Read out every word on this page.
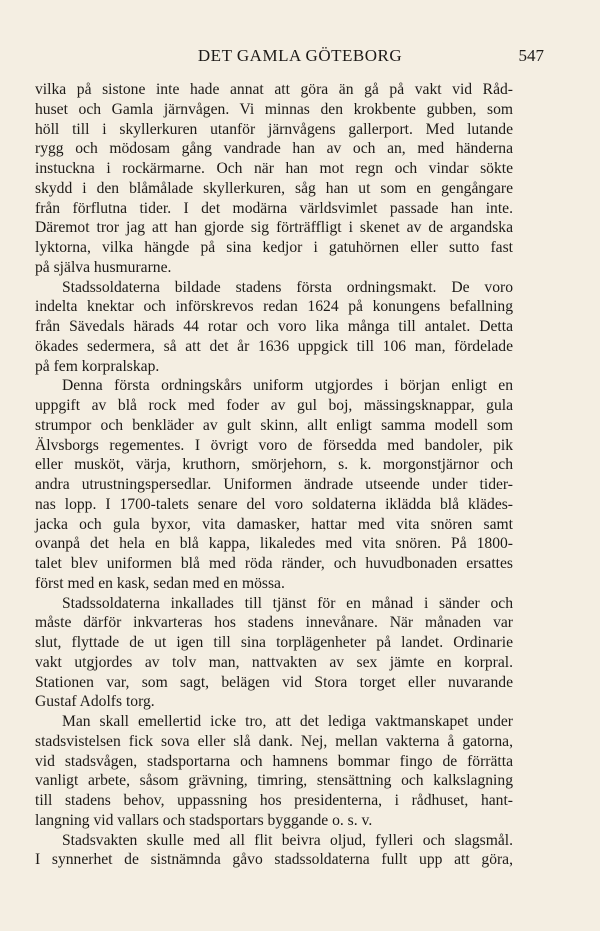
DET GAMLA GÖTEBORG	547
vilka på sistone inte hade annat att göra än gå på vakt vid Råd-
huset och Gamla järnvågen. Vi minnas den krokbente gubben, som
höll till i skyllerkuren utanför järnvågens gallerport. Med lutande
rygg och mödosam gång vandrade han av och an, med händerna
instuckna i rockärmarne. Och när han mot regn och vindar sökte
skydd i den blåmålade skyllerkuren, såg han ut som en gengångare
från förflutna tider. I det modärna världsvimlet passade han inte.
Däremot tror jag att han gjorde sig förträffligt i skenet av de argandska
lyktorna, vilka hängde på sina kedjor i gatuhörnen eller sutto fast
på själva husmurarne.
Stadssoldaterna bildade stadens första ordningsmakt. De voro
indelta knektar och införskrevos redan 1624 på konungens befallning
från Sävedals härads 44 rotar och voro lika många till antalet. Detta
ökades sedermera, så att det år 1636 uppgick till 106 man, fördelade
på fem korpralskap.
Denna första ordningskårs uniform utgjordes i början enligt en
uppgift av blå rock med foder av gul boj, mässingsknappar, gula
strumpor och benkläder av gult skinn, allt enligt samma modell som
Älvsborgs regementes. I övrigt voro de försedda med bandoler, pik
eller musköt, värja, kruthorn, smörjehorn, s. k. morgonstjärnor och
andra utrustningspersedlar. Uniformen ändrade utseende under tider-
nas lopp. I 1700-talets senare del voro soldaterna iklädda blå klädes-
jacka och gula byxor, vita damasker, hattar med vita snören samt
ovanpå det hela en blå kappa, likaledes med vita snören. På 1800-
talet blev uniformen blå med röda ränder, och huvudbonaden ersattes
först med en kask, sedan med en mössa.
Stadssoldaterna inkallades till tjänst för en månad i sänder och
måste därför inkvarteras hos stadens innevånare. När månaden var
slut, flyttade de ut igen till sina torplägenheter på landet. Ordinarie
vakt utgjordes av tolv man, nattvakten av sex jämte en korpral.
Stationen var, som sagt, belägen vid Stora torget eller nuvarande
Gustaf Adolfs torg.
Man skall emellertid icke tro, att det lediga vaktmanskapet under
stadsvistelsen fick sova eller slå dank. Nej, mellan vakterna å gatorna,
vid stadsvågen, stadsportarna och hamnens bommar fingo de förrätta
vanligt arbete, såsom grävning, timring, stensättning och kalkslagning
till stadens behov, uppassning hos presidenterna, i rådhuset, hant-
langning vid vallars och stadsportars byggande o. s. v.
Stadsvakten skulle med all flit beivra oljud, fylleri och slagsmål.
I synnerhet de sistnämnda gåvo stadssoldaterna fullt upp att göra,
